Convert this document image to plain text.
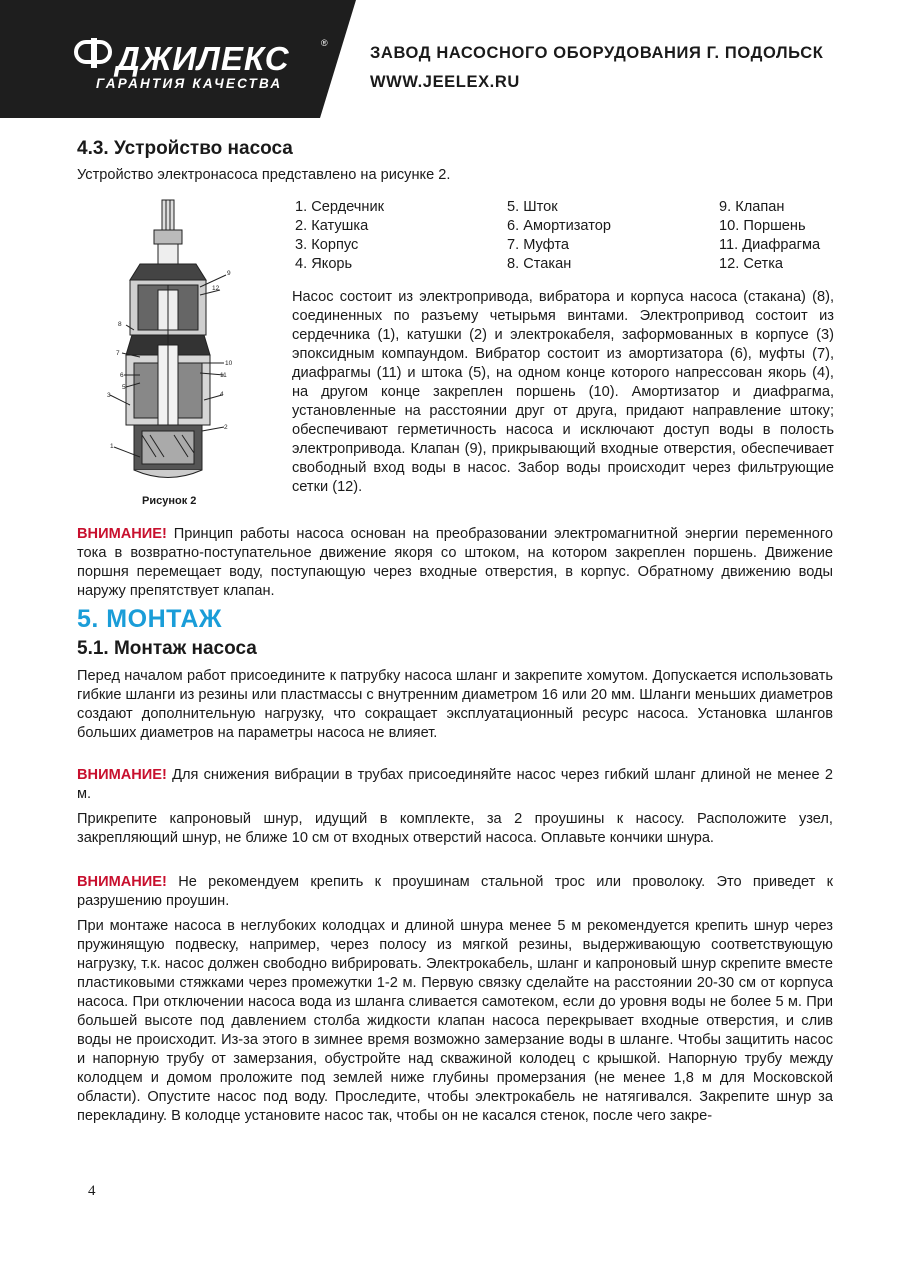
ДЖИЛЕКС	®
ГАРАНТИЯ КАЧЕСТВА
ЗАВОД НАСОСНОГО ОБОРУДОВАНИЯ Г. ПОДОЛЬСК
WWW.JEELEX.RU
4.3. Устройство насоса
Устройство электронасоса представлено на рисунке 2.
9
12
8
7
6
5
3
10
11
4
2
1
Рисунок 2
1. Сердечник
2. Катушка
3. Корпус
4. Якорь
5. Шток
6. Амортизатор
7. Муфта
8. Стакан
9. Клапан
10. Поршень
11. Диафрагма
12. Сетка
Насос состоит из электропривода, вибратора и корпуса насоса (стакана) (8), соединенных по разъему четырьмя винтами. Электропривод состоит из сердечника (1), катушки (2) и электрокабеля, заформованных в корпусе (3) эпоксидным компаундом. Вибратор состоит из амортизатора (6), муфты (7), диафрагмы (11) и штока (5), на одном конце которого напрессован якорь (4), на другом конце закреплен поршень (10). Амортизатор и диафрагма, установленные на расстоянии друг от друга, придают направление штоку; обеспечивают герметичность насоса и исключают доступ воды в полость электропривода. Клапан (9), прикрывающий входные отверстия, обеспечивает свободный вход воды в насос. Забор воды происходит через фильтрующие сетки (12).
ВНИМАНИЕ! Принцип работы насоса основан на преобразовании электромагнитной энергии переменного тока в возвратно-поступательное движение якоря со штоком, на котором закреплен поршень. Движение поршня перемещает воду, поступающую через входные отверстия, в корпус. Обратному движению воды наружу препятствует клапан.
5. МОНТАЖ
5.1. Монтаж насоса
Перед началом работ присоедините к патрубку насоса шланг и закрепите хомутом. Допускается использовать гибкие шланги из резины или пластмассы с внутренним диаметром 16 или 20 мм. Шланги меньших диаметров создают дополнительную нагрузку, что сокращает эксплуатационный ресурс насоса. Установка шлангов больших диаметров на параметры насоса не влияет.
ВНИМАНИЕ! Для снижения вибрации в трубах присоединяйте насос через гибкий шланг длиной не менее 2 м.
Прикрепите капроновый шнур, идущий в комплекте, за 2 проушины к насосу. Расположите узел, закрепляющий шнур, не ближе 10 см от входных отверстий насоса. Оплавьте кончики шнура.
ВНИМАНИЕ! Не рекомендуем крепить к проушинам стальной трос или проволоку. Это приведет к разрушению проушин.
При монтаже насоса в неглубоких колодцах и длиной шнура менее 5 м рекомендуется крепить шнур через пружинящую подвеску, например, через полосу из мягкой резины, выдерживающую соответствующую нагрузку, т.к. насос должен свободно вибрировать. Электрокабель, шланг и капроновый шнур скрепите вместе пластиковыми стяжками через промежутки 1-2 м. Первую связку сделайте на расстоянии 20-30 см от корпуса насоса. При отключении насоса вода из шланга сливается самотеком, если до уровня воды не более 5 м. При большей высоте под давлением столба жидкости клапан насоса перекрывает входные отверстия, и слив воды не происходит. Из-за этого в зимнее время возможно замерзание воды в шланге. Чтобы защитить насос и напорную трубу от замерзания, обустройте над скважиной колодец с крышкой. Напорную трубу между колодцем и домом проложите под землей ниже глубины промерзания (не менее 1,8 м для Московской области). Опустите насос под воду. Проследите, чтобы электрокабель не натягивался. Закрепите шнур за перекладину. В колодце установите насос так, чтобы он не касался стенок, после чего закре-
4
